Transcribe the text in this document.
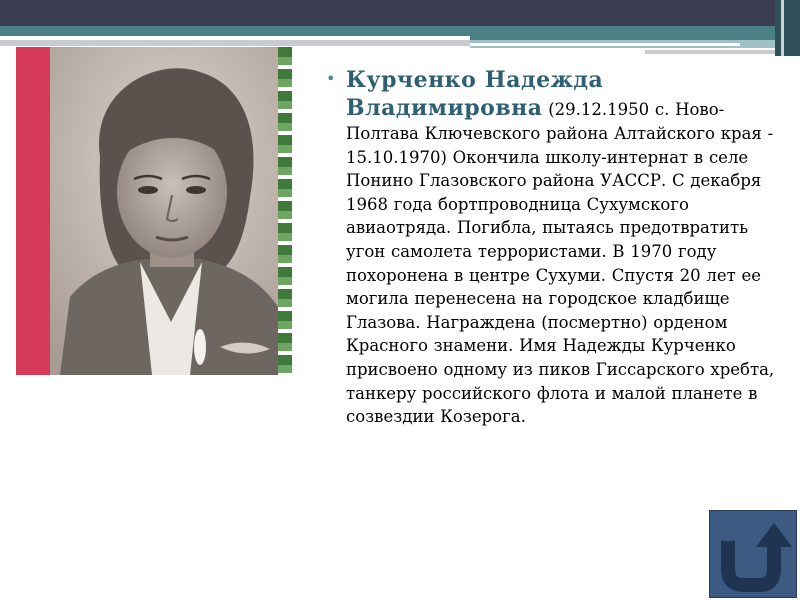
• Курченко Надежда Владимировна (29.12.1950 с. Ново-Полтава Ключевского района Алтайского края - 15.10.1970) Окончила школу-интернат в селе Понино Глазовского района УАССР. С декабря 1968 года бортпроводница Сухумского авиаотряда. Погибла, пытаясь предотвратить угон самолета террористами. В 1970 году похоронена в центре Сухуми. Спустя 20 лет ее могила перенесена на городское кладбище Глазова. Награждена (посмертно) орденом Красного знамени. Имя Надежды Курченко присвоено одному из пиков Гиссарского хребта, танкеру российского флота и малой планете в созвездии Козерога.
